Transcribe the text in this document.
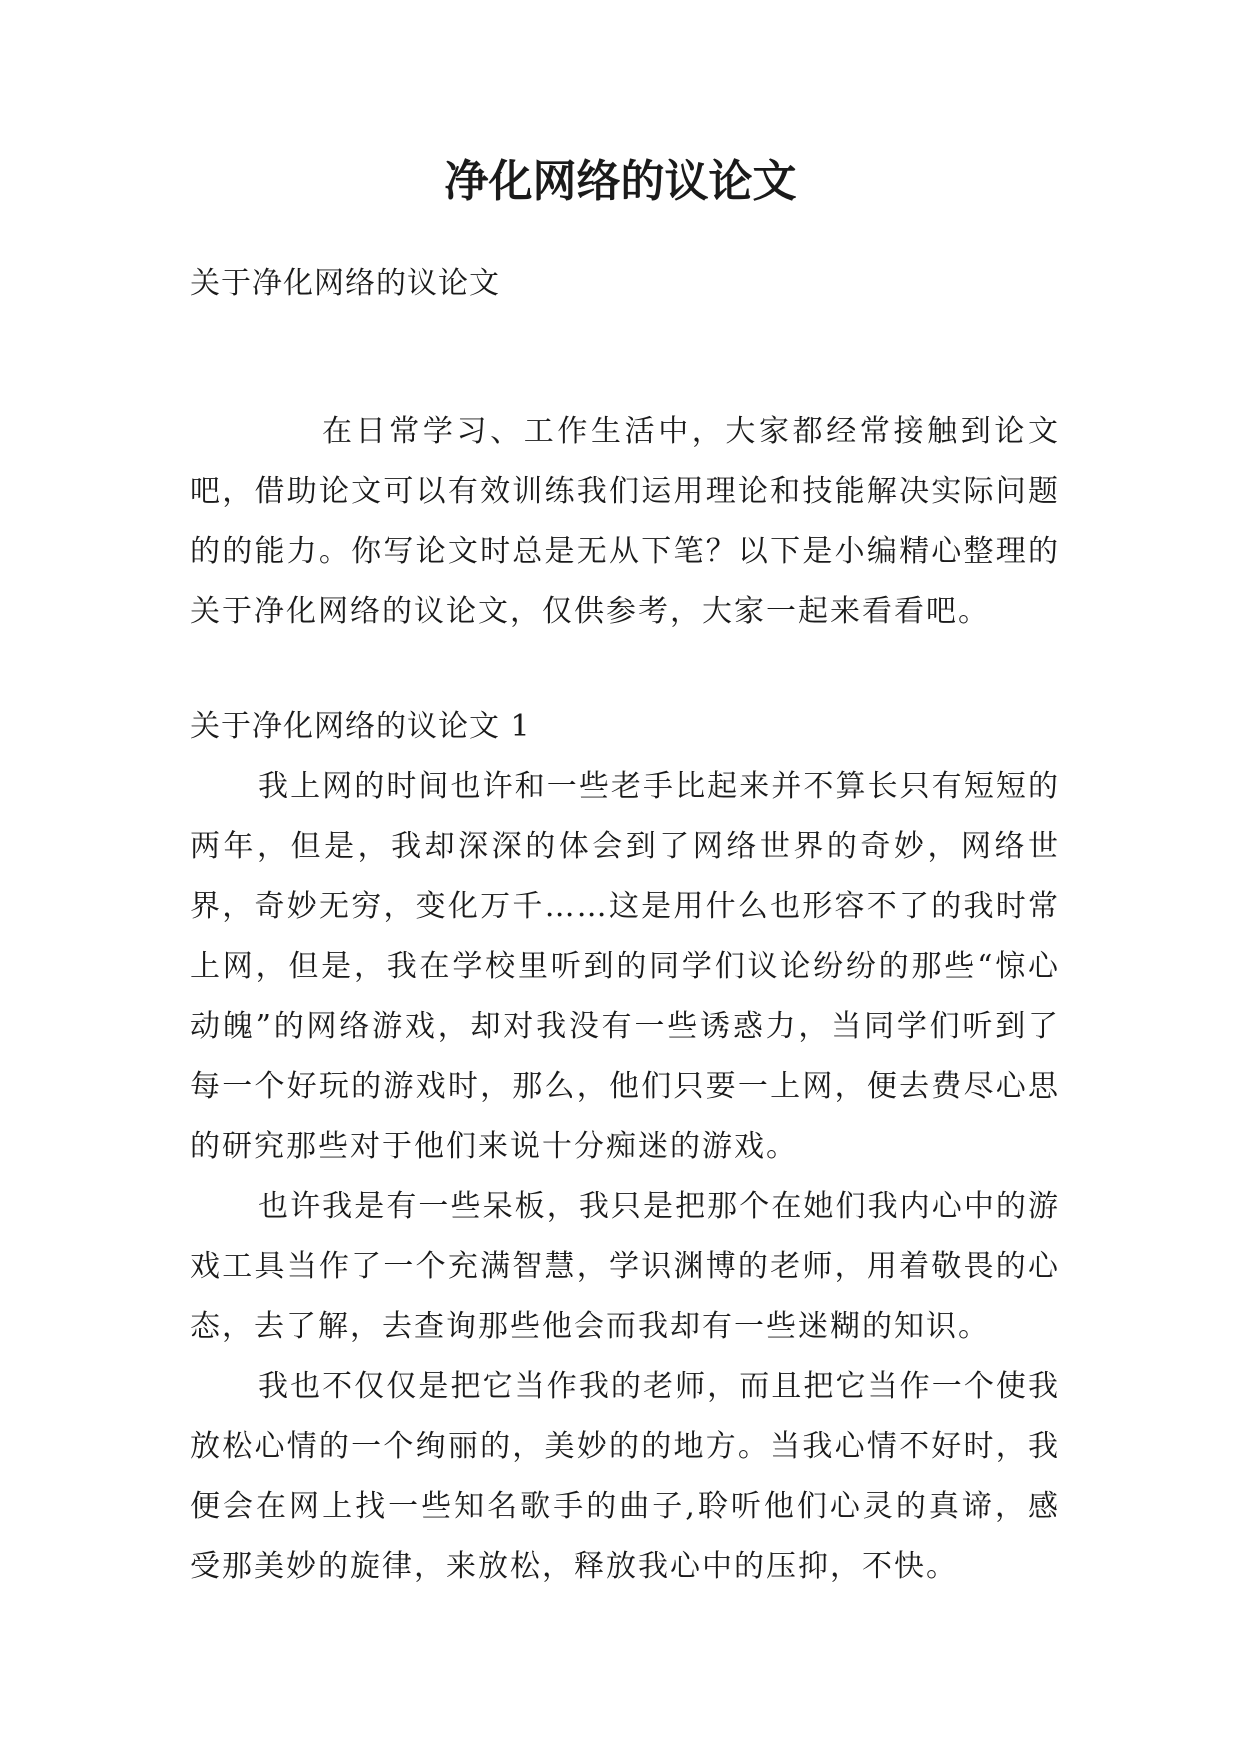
净化网络的议论文
关于净化网络的议论文

在日常学习、工作生活中，大家都经常接触到论文吧，借助论文可以有效训练我们运用理论和技能解决实际问题的的能力。你写论文时总是无从下笔？以下是小编精心整理的关于净化网络的议论文，仅供参考，大家一起来看看吧。

关于净化网络的议论文 1

我上网的时间也许和一些老手比起来并不算长只有短短的两年，但是，我却深深的体会到了网络世界的奇妙，网络世界，奇妙无穷，变化万千……这是用什么也形容不了的我时常上网，但是，我在学校里听到的同学们议论纷纷的那些“惊心动魄”的网络游戏，却对我没有一些诱惑力，当同学们听到了每一个好玩的游戏时，那么，他们只要一上网，便去费尽心思的研究那些对于他们来说十分痴迷的游戏。

也许我是有一些呆板，我只是把那个在她们我内心中的游戏工具当作了一个充满智慧，学识渊博的老师，用着敬畏的心态，去了解，去查询那些他会而我却有一些迷糊的知识。

我也不仅仅是把它当作我的老师，而且把它当作一个使我放松心情的一个绚丽的，美妙的的地方。当我心情不好时，我便会在网上找一些知名歌手的曲子,聆听他们心灵的真谛，感受那美妙的旋律，来放松，释放我心中的压抑，不快。
